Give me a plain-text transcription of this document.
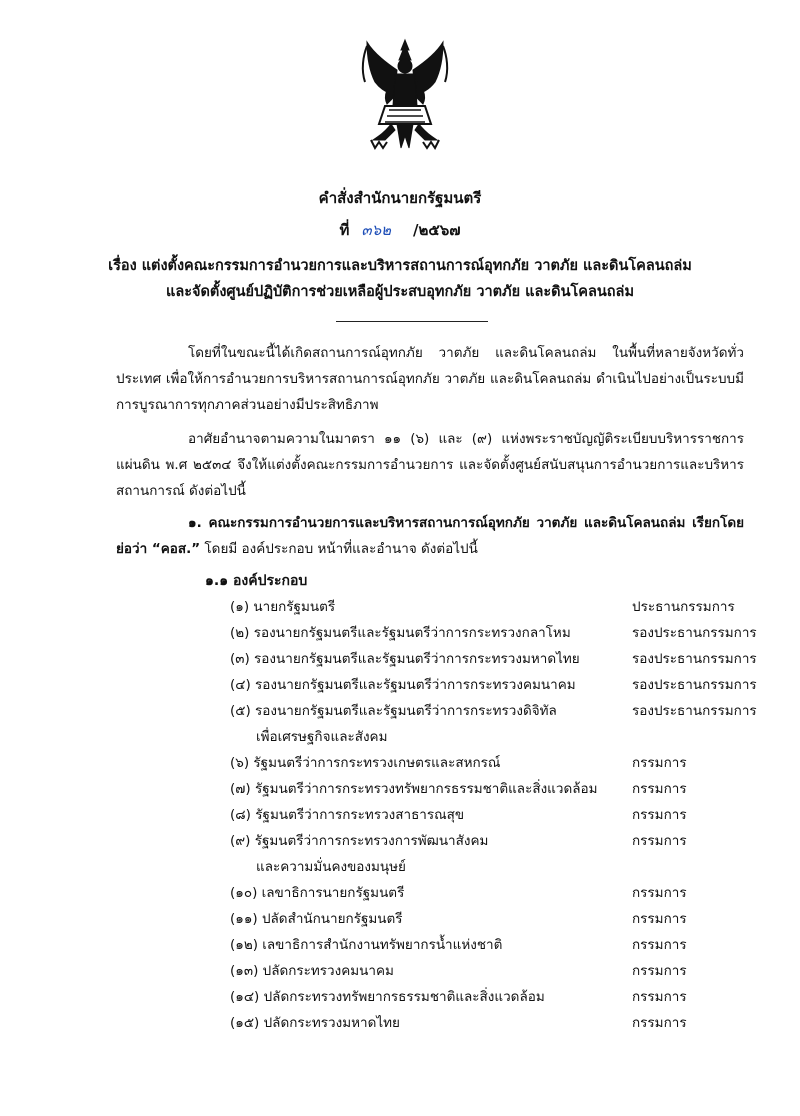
คำสั่งสำนักนายกรัฐมนตรี
ที่ ๓๖๒ /๒๕๖๗
เรื่อง แต่งตั้งคณะกรรมการอำนวยการและบริหารสถานการณ์อุทกภัย วาตภัย และดินโคลนถล่ม
และจัดตั้งศูนย์ปฏิบัติการช่วยเหลือผู้ประสบอุทกภัย วาตภัย และดินโคลนถล่ม
โดยที่ในขณะนี้ได้เกิดสถานการณ์อุทกภัย วาตภัย และดินโคลนถล่ม ในพื้นที่หลายจังหวัดทั่วประเทศ เพื่อให้การอำนวยการบริหารสถานการณ์อุทกภัย วาตภัย และดินโคลนถล่ม ดำเนินไปอย่างเป็นระบบมีการบูรณาการทุกภาคส่วนอย่างมีประสิทธิภาพ
อาศัยอำนาจตามความในมาตรา ๑๑ (๖) และ (๙) แห่งพระราชบัญญัติระเบียบบริหารราชการแผ่นดิน พ.ศ ๒๕๓๔ จึงให้แต่งตั้งคณะกรรมการอำนวยการ และจัดตั้งศูนย์สนับสนุนการอำนวยการและบริหารสถานการณ์ ดังต่อไปนี้
๑. คณะกรรมการอำนวยการและบริหารสถานการณ์อุทกภัย วาตภัย และดินโคลนถล่ม เรียกโดยย่อว่า “คอส.” โดยมี องค์ประกอบ หน้าที่และอำนาจ ดังต่อไปนี้
๑.๑ องค์ประกอบ
(๑) นายกรัฐมนตรี	ประธานกรรมการ
(๒) รองนายกรัฐมนตรีและรัฐมนตรีว่าการกระทรวงกลาโหม	รองประธานกรรมการ
(๓) รองนายกรัฐมนตรีและรัฐมนตรีว่าการกระทรวงมหาดไทย	รองประธานกรรมการ
(๔) รองนายกรัฐมนตรีและรัฐมนตรีว่าการกระทรวงคมนาคม	รองประธานกรรมการ
(๕) รองนายกรัฐมนตรีและรัฐมนตรีว่าการกระทรวงดิจิทัล
เพื่อเศรษฐกิจและสังคม
รองประธานกรรมการ
(๖) รัฐมนตรีว่าการกระทรวงเกษตรและสหกรณ์	กรรมการ
(๗) รัฐมนตรีว่าการกระทรวงทรัพยากรธรรมชาติและสิ่งแวดล้อม	กรรมการ
(๘) รัฐมนตรีว่าการกระทรวงสาธารณสุข	กรรมการ
(๙) รัฐมนตรีว่าการกระทรวงการพัฒนาสังคม
และความมั่นคงของมนุษย์
กรรมการ
(๑๐) เลขาธิการนายกรัฐมนตรี	กรรมการ
(๑๑) ปลัดสำนักนายกรัฐมนตรี	กรรมการ
(๑๒) เลขาธิการสำนักงานทรัพยากรน้ำแห่งชาติ	กรรมการ
(๑๓) ปลัดกระทรวงคมนาคม	กรรมการ
(๑๔) ปลัดกระทรวงทรัพยากรธรรมชาติและสิ่งแวดล้อม	กรรมการ
(๑๕) ปลัดกระทรวงมหาดไทย	กรรมการ
